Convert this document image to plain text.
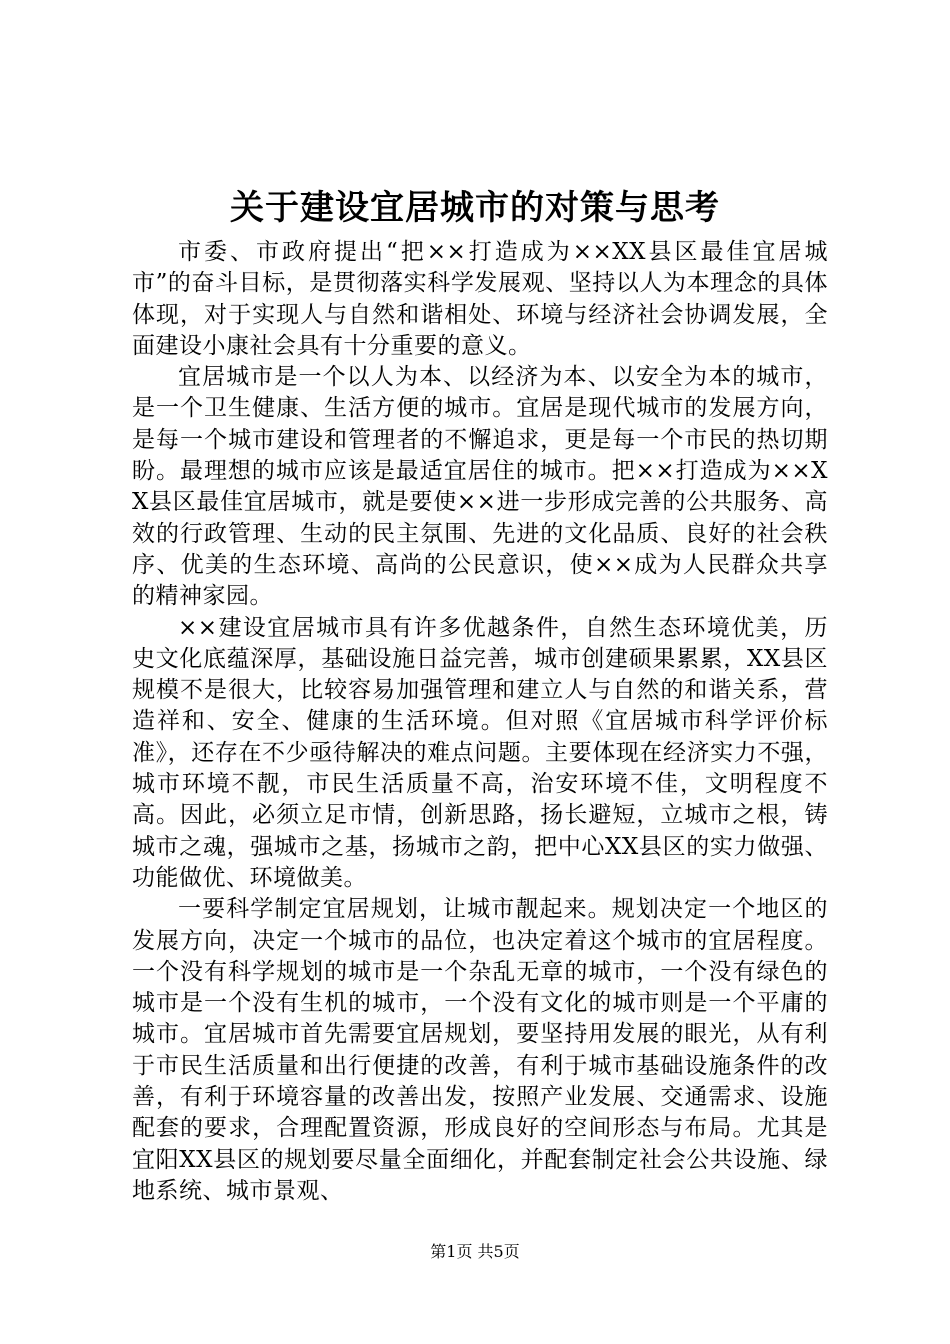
关于建设宜居城市的对策与思考

市委、市政府提出“把××打造成为××XX县区最佳宜居城市”的奋斗目标，是贯彻落实科学发展观、坚持以人为本理念的具体体现，对于实现人与自然和谐相处、环境与经济社会协调发展，全面建设小康社会具有十分重要的意义。

宜居城市是一个以人为本、以经济为本、以安全为本的城市，是一个卫生健康、生活方便的城市。宜居是现代城市的发展方向，是每一个城市建设和管理者的不懈追求，更是每一个市民的热切期盼。最理想的城市应该是最适宜居住的城市。把××打造成为××XX县区最佳宜居城市，就是要使××进一步形成完善的公共服务、高效的行政管理、生动的民主氛围、先进的文化品质、良好的社会秩序、优美的生态环境、高尚的公民意识，使××成为人民群众共享的精神家园。

××建设宜居城市具有许多优越条件，自然生态环境优美，历史文化底蕴深厚，基础设施日益完善，城市创建硕果累累，XX县区规模不是很大，比较容易加强管理和建立人与自然的和谐关系，营造祥和、安全、健康的生活环境。但对照《宜居城市科学评价标准》，还存在不少亟待解决的难点问题。主要体现在经济实力不强，城市环境不靓，市民生活质量不高，治安环境不佳，文明程度不高。因此，必须立足市情，创新思路，扬长避短，立城市之根，铸城市之魂，强城市之基，扬城市之韵，把中心XX县区的实力做强、功能做优、环境做美。

一要科学制定宜居规划，让城市靓起来。规划决定一个地区的发展方向，决定一个城市的品位，也决定着这个城市的宜居程度。一个没有科学规划的城市是一个杂乱无章的城市，一个没有绿色的城市是一个没有生机的城市，一个没有文化的城市则是一个平庸的城市。宜居城市首先需要宜居规划，要坚持用发展的眼光，从有利于市民生活质量和出行便捷的改善，有利于城市基础设施条件的改善，有利于环境容量的改善出发，按照产业发展、交通需求、设施配套的要求，合理配置资源，形成良好的空间形态与布局。尤其是宜阳XX县区的规划要尽量全面细化，并配套制定社会公共设施、绿地系统、城市景观、

第1页 共5页
